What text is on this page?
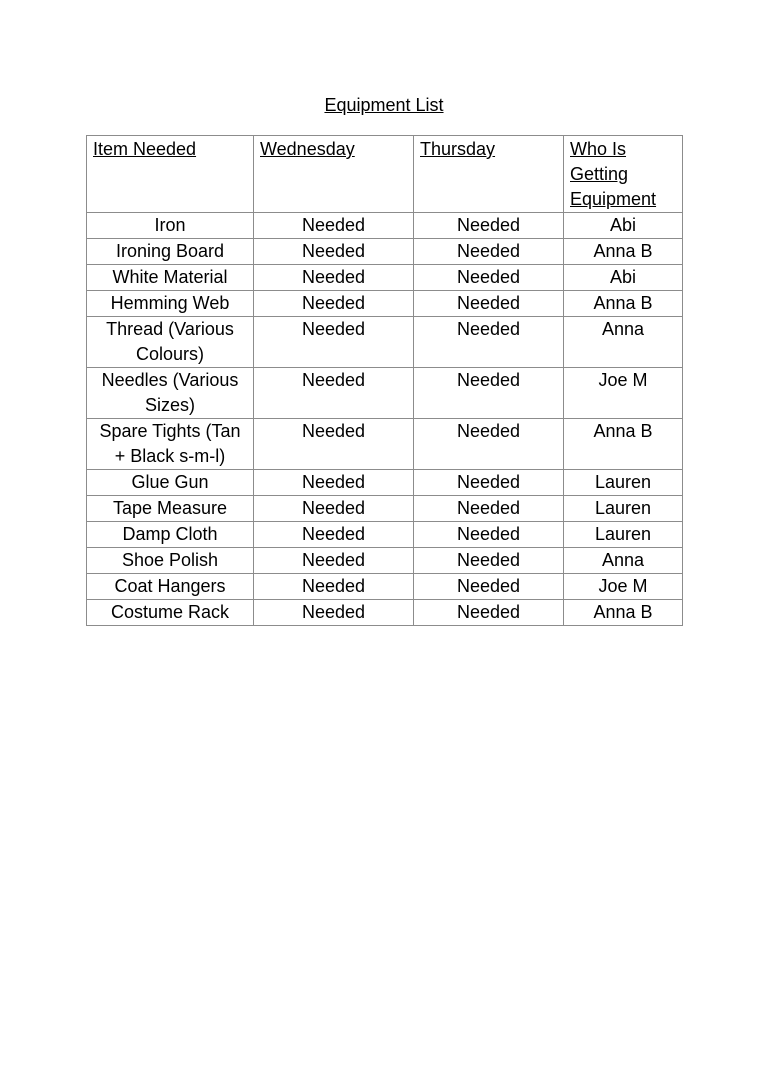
Equipment List
Item Needed	Wednesday	Thursday	Who Is Getting Equipment
Iron	Needed	Needed	Abi
Ironing Board	Needed	Needed	Anna B
White Material	Needed	Needed	Abi
Hemming Web	Needed	Needed	Anna B
Thread (Various Colours)	Needed	Needed	Anna
Needles (Various Sizes)	Needed	Needed	Joe M
Spare Tights (Tan + Black s-m-l)	Needed	Needed	Anna B
Glue Gun	Needed	Needed	Lauren
Tape Measure	Needed	Needed	Lauren
Damp Cloth	Needed	Needed	Lauren
Shoe Polish	Needed	Needed	Anna
Coat Hangers	Needed	Needed	Joe M
Costume Rack	Needed	Needed	Anna B
